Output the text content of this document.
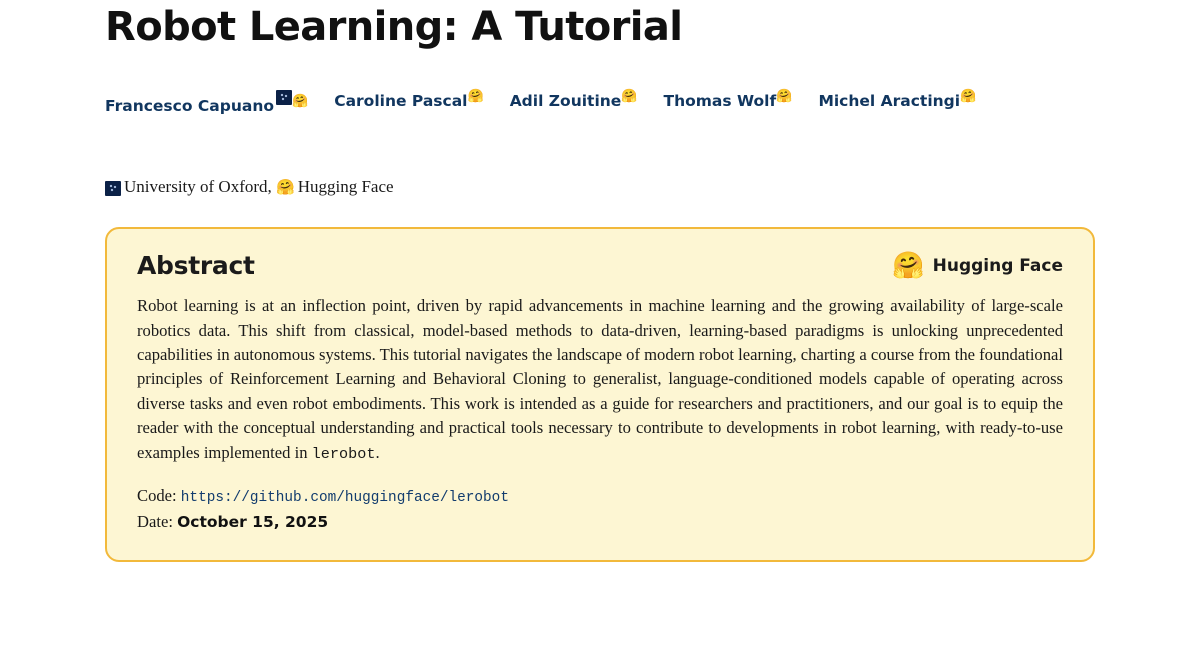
Robot Learning: A Tutorial
Francesco Capuano 🤗 Caroline Pascal🤗 Adil Zouitine🤗 Thomas Wolf🤗 Michel Aractingi🤗
University of Oxford, 🤗 Hugging Face
Abstract	🤗 Hugging Face
Robot learning is at an inflection point, driven by rapid advancements in machine learning and the growing availability of large-scale robotics data. This shift from classical, model-based methods to data-driven, learning-based paradigms is unlocking unprecedented capabilities in autonomous systems. This tutorial navigates the landscape of modern robot learning, charting a course from the foundational principles of Reinforcement Learning and Behavioral Cloning to generalist, language-conditioned models capable of operating across diverse tasks and even robot embodiments. This work is intended as a guide for researchers and practitioners, and our goal is to equip the reader with the conceptual understanding and practical tools necessary to contribute to developments in robot learning, with ready-to-use examples implemented in lerobot.
Code: https://github.com/huggingface/lerobot
Date: October 15, 2025
